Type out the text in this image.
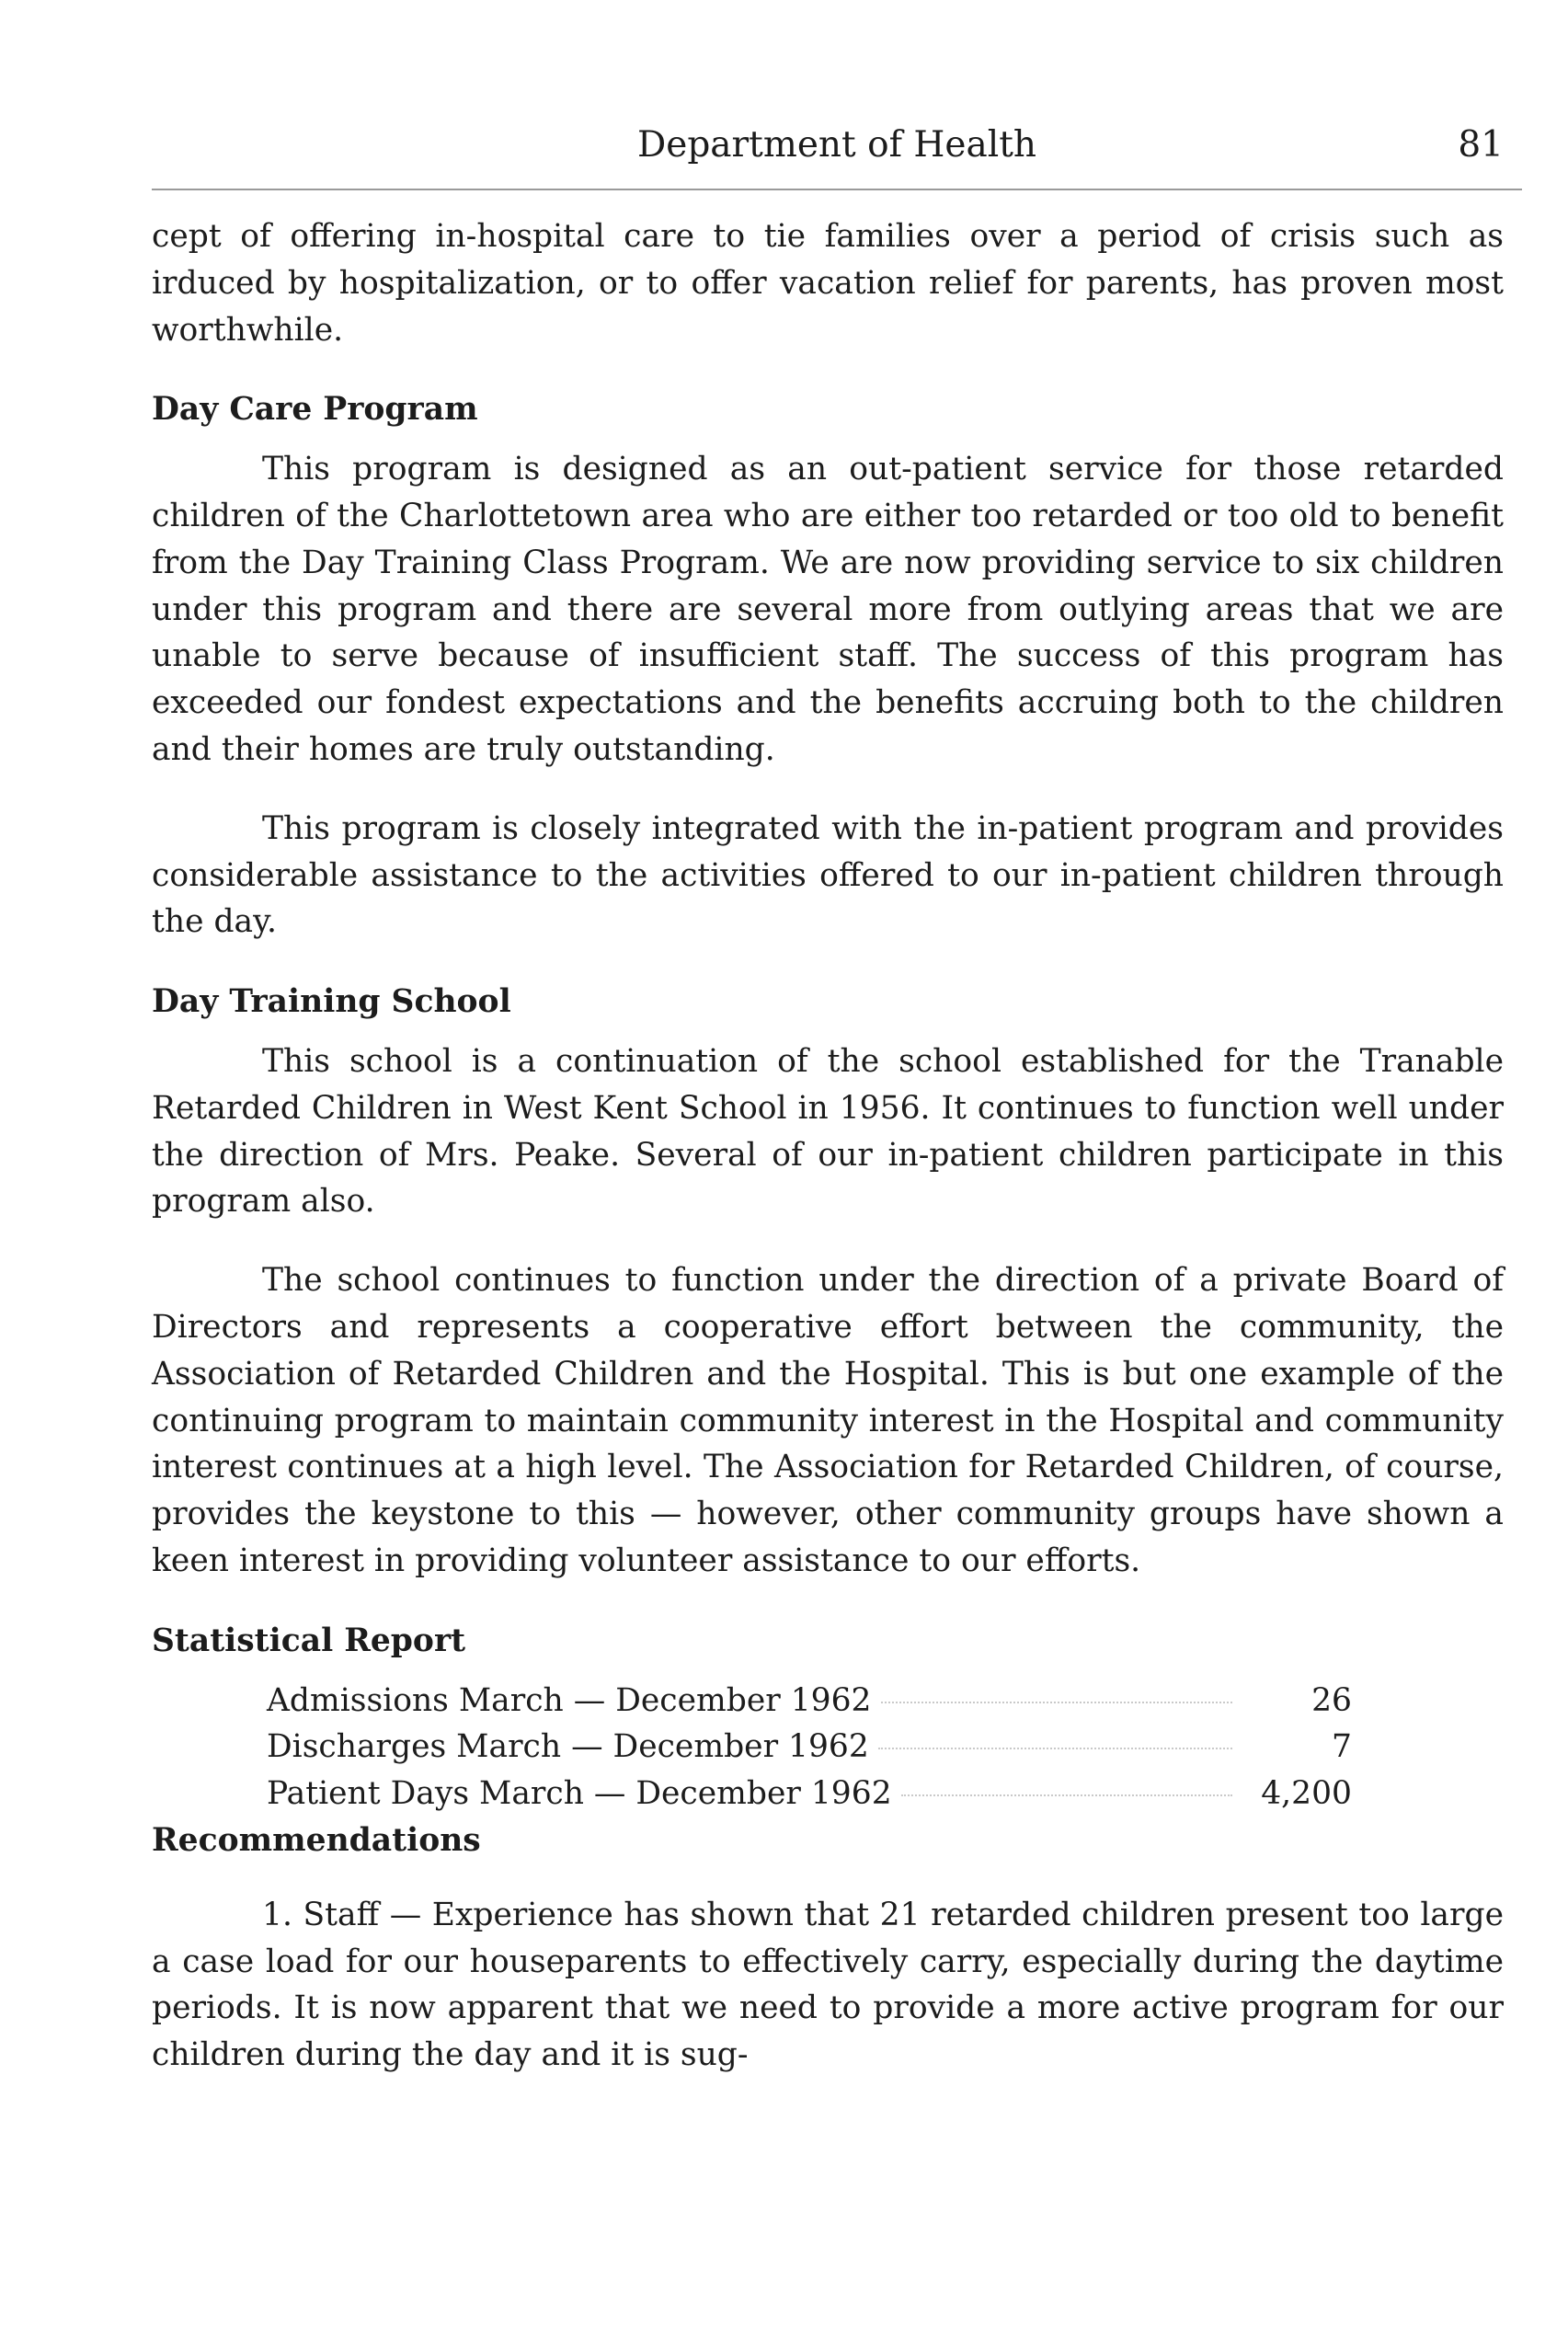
Department of Health	81

cept of offering in-hospital care to tie families over a period of crisis such as irduced by hospitalization, or to offer vacation relief for parents, has proven most worthwhile.

Day Care Program

This program is designed as an out-patient service for those retarded children of the Charlottetown area who are either too retarded or too old to benefit from the Day Training Class Program. We are now providing service to six children under this program and there are several more from outlying areas that we are unable to serve because of insufficient staff. The success of this program has exceeded our fondest expectations and the benefits accruing both to the children and their homes are truly outstanding.

This program is closely integrated with the in-patient program and provides considerable assistance to the activities offered to our in-patient children through the day.

Day Training School

This school is a continuation of the school established for the Tranable Retarded Children in West Kent School in 1956. It continues to function well under the direction of Mrs. Peake. Several of our in-patient children participate in this program also.

The school continues to function under the direction of a private Board of Directors and represents a cooperative effort between the community, the Association of Retarded Children and the Hospital. This is but one example of the continuing program to maintain community interest in the Hospital and community interest continues at a high level. The Association for Retarded Children, of course, provides the keystone to this — however, other community groups have shown a keen interest in providing volunteer assistance to our efforts.

Statistical Report
Admissions March — December 1962	26
Discharges March — December 1962	7
Patient Days March — December 1962	4,200
Recommendations

1. Staff — Experience has shown that 21 retarded children present too large a case load for our houseparents to effectively carry, especially during the daytime periods. It is now apparent that we need to provide a more active program for our children during the day and it is sug-
